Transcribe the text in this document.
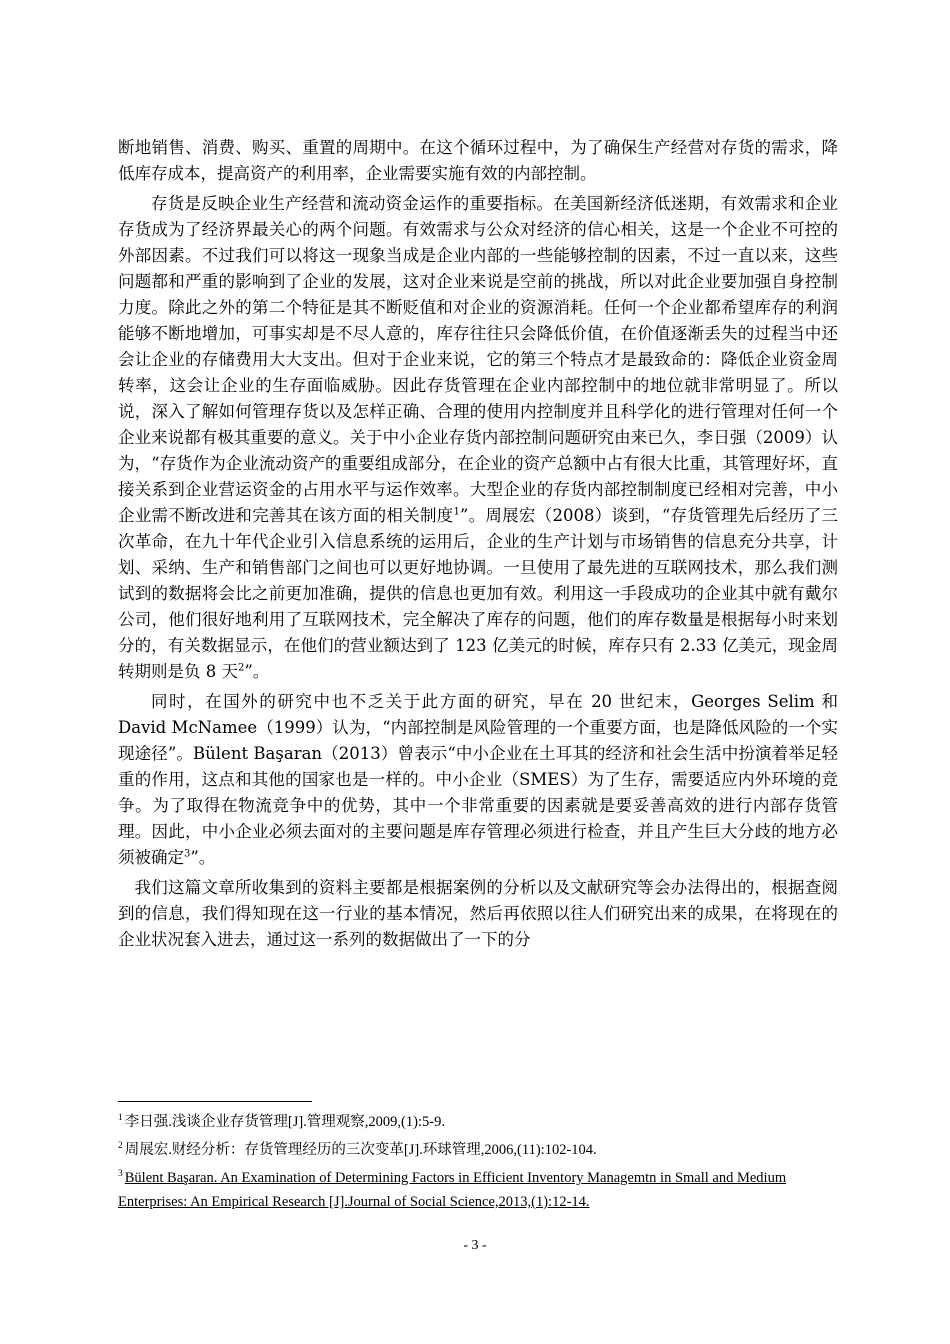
断地销售、消费、购买、重置的周期中。在这个循环过程中，为了确保生产经营对存货的需求，降低库存成本，提高资产的利用率，企业需要实施有效的内部控制。

存货是反映企业生产经营和流动资金运作的重要指标。在美国新经济低迷期，有效需求和企业存货成为了经济界最关心的两个问题。有效需求与公众对经济的信心相关，这是一个企业不可控的外部因素。不过我们可以将这一现象当成是企业内部的一些能够控制的因素，不过一直以来，这些问题都和严重的影响到了企业的发展，这对企业来说是空前的挑战，所以对此企业要加强自身控制力度。除此之外的第二个特征是其不断贬值和对企业的资源消耗。任何一个企业都希望库存的利润能够不断地增加，可事实却是不尽人意的，库存往往只会降低价值，在价值逐渐丢失的过程当中还会让企业的存储费用大大支出。但对于企业来说，它的第三个特点才是最致命的：降低企业资金周转率，这会让企业的生存面临威胁。因此存货管理在企业内部控制中的地位就非常明显了。所以说，深入了解如何管理存货以及怎样正确、合理的使用内控制度并且科学化的进行管理对任何一个企业来说都有极其重要的意义。关于中小企业存货内部控制问题研究由来已久，李日强（2009）认为，“存货作为企业流动资产的重要组成部分，在企业的资产总额中占有很大比重，其管理好坏，直接关系到企业营运资金的占用水平与运作效率。大型企业的存货内部控制制度已经相对完善，中小企业需不断改进和完善其在该方面的相关制度$^1$”。周展宏（2008）谈到，“存货管理先后经历了三次革命，在九十年代企业引入信息系统的运用后，企业的生产计划与市场销售的信息充分共享，计划、采纳、生产和销售部门之间也可以更好地协调。一旦使用了最先进的互联网技术，那么我们测试到的数据将会比之前更加准确，提供的信息也更加有效。利用这一手段成功的企业其中就有戴尔公司，他们很好地利用了互联网技术，完全解决了库存的问题，他们的库存数量是根据每小时来划分的，有关数据显示，在他们的营业额达到了 123 亿美元的时候，库存只有 2.33 亿美元，现金周转期则是负 8 天$^2$”。

同时，在国外的研究中也不乏关于此方面的研究，早在 20 世纪末，Georges Selim 和 David McNamee（1999）认为，“内部控制是风险管理的一个重要方面，也是降低风险的一个实现途径”。Bülent Başaran（2013）曾表示“中小企业在土耳其的经济和社会生活中扮演着举足轻重的作用，这点和其他的国家也是一样的。中小企业（SMES）为了生存，需要适应内外环境的竞争。为了取得在物流竞争中的优势，其中一个非常重要的因素就是要妥善高效的进行内部存货管理。因此，中小企业必须去面对的主要问题是库存管理必须进行检查，并且产生巨大分歧的地方必须被确定$^3$”。

我们这篇文章所收集到的资料主要都是根据案例的分析以及文献研究等会办法得出的，根据查阅到的信息，我们得知现在这一行业的基本情况，然后再依照以往人们研究出来的成果，在将现在的企业状况套入进去，通过这一系列的数据做出了一下的分

$^1$ 李日强.浅谈企业存货管理[J].管理观察,2009,(1):5-9.
$^2$ 周展宏.财经分析：存货管理经历的三次变革[J].环球管理,2006,(11):102-104.
$^3$ Bülent Başaran. An Examination of Determining Factors in Efficient Inventory Managemtn in Small and Medium Enterprises: An Empirical Research [J].Journal of Social Science,2013,(1):12-14.
- 3 -
